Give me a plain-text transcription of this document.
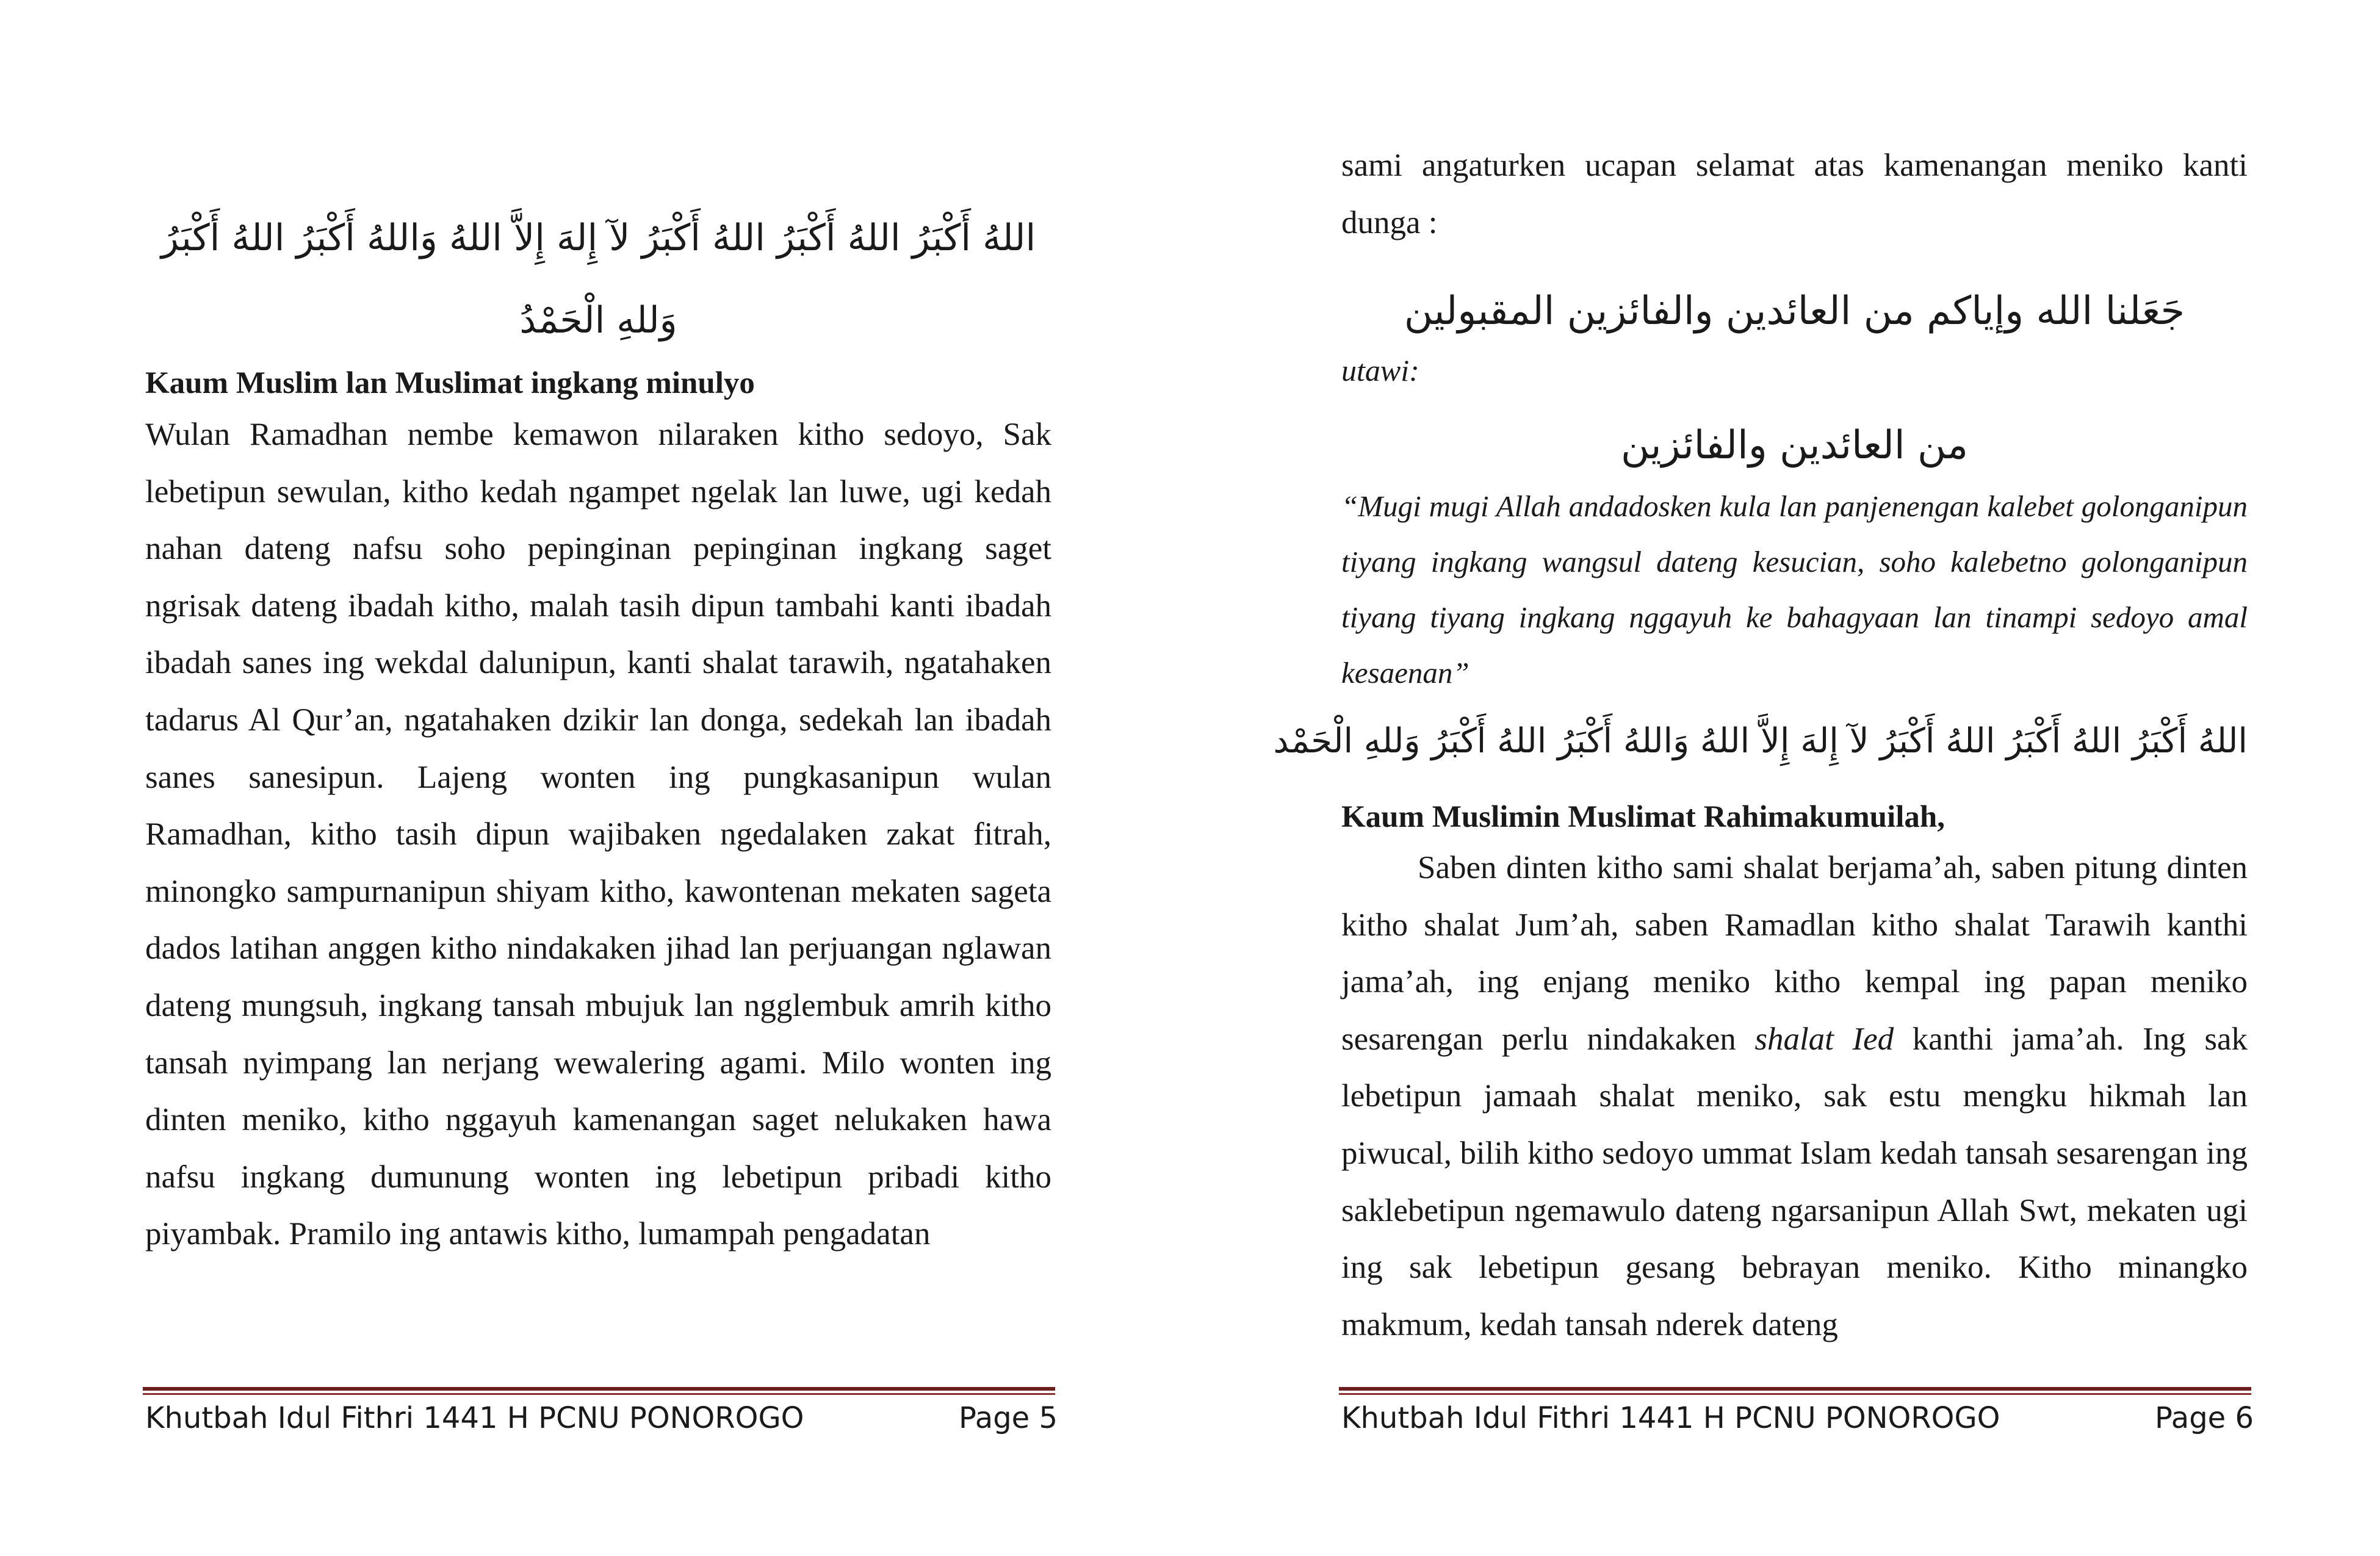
اللهُ أَكْبَرُ اللهُ أَكْبَرُ اللهُ أَكْبَرُ لآ إِلهَ إِلاَّ اللهُ وَاللهُ أَكْبَرُ اللهُ أَكْبَرُ
وَللهِ الْحَمْدُ
Kaum Muslim lan Muslimat ingkang minulyo

Wulan Ramadhan nembe kemawon nilaraken kitho sedoyo, Sak lebetipun sewulan, kitho kedah ngampet ngelak lan luwe, ugi kedah nahan dateng nafsu soho pepinginan pepinginan ingkang saget ngrisak dateng ibadah kitho, malah tasih dipun tambahi kanti ibadah ibadah sanes ing wekdal dalunipun, kanti shalat tarawih, ngatahaken tadarus Al Qur’an, ngatahaken dzikir lan donga, sedekah lan ibadah sanes sanesipun. Lajeng wonten ing pungkasanipun wulan Ramadhan, kitho tasih dipun wajibaken ngedalaken zakat fitrah, minongko sampurnanipun shiyam kitho, kawontenan mekaten sageta dados latihan anggen kitho nindakaken jihad lan perjuangan nglawan dateng mungsuh, ingkang tansah mbujuk lan ngglembuk amrih kitho tansah nyimpang lan nerjang wewalering agami. Milo wonten ing dinten meniko, kitho nggayuh kamenangan saget nelukaken hawa nafsu ingkang dumunung wonten ing lebetipun pribadi kitho piyambak. Pramilo ing antawis kitho, lumampah pengadatan

Khutbah Idul Fithri 1441 H PCNU PONOROGO	Page 5
sami angaturken ucapan selamat atas kamenangan meniko kanti dunga :
جَعَلنا الله وإياكم من العائدين والفائزين المقبولين
utawi:
من العائدين والفائزين
“Mugi mugi Allah andadosken kula lan panjenengan kalebet golonganipun tiyang ingkang wangsul dateng kesucian, soho kalebetno golonganipun tiyang tiyang ingkang nggayuh ke bahagyaan lan tinampi sedoyo amal kesaenan”
اللهُ أَكْبَرُ اللهُ أَكْبَرُ اللهُ أَكْبَرُ لآ إِلهَ إِلاَّ اللهُ وَاللهُ أَكْبَرُ اللهُ أَكْبَرُ وَللهِ الْحَمْد
Kaum Muslimin Muslimat Rahimakumuilah,

Saben dinten kitho sami shalat berjama’ah, saben pitung dinten kitho shalat Jum’ah, saben Ramadlan kitho shalat Tarawih kanthi jama’ah, ing enjang meniko kitho kempal ing papan meniko sesarengan perlu nindakaken shalat Ied kanthi jama’ah. Ing sak lebetipun jamaah shalat meniko, sak estu mengku hikmah lan piwucal, bilih kitho sedoyo ummat Islam kedah tansah sesarengan ing saklebetipun ngemawulo dateng ngarsanipun Allah Swt, mekaten ugi ing sak lebetipun gesang bebrayan meniko. Kitho minangko makmum, kedah tansah nderek dateng

Khutbah Idul Fithri 1441 H PCNU PONOROGO	Page 6
